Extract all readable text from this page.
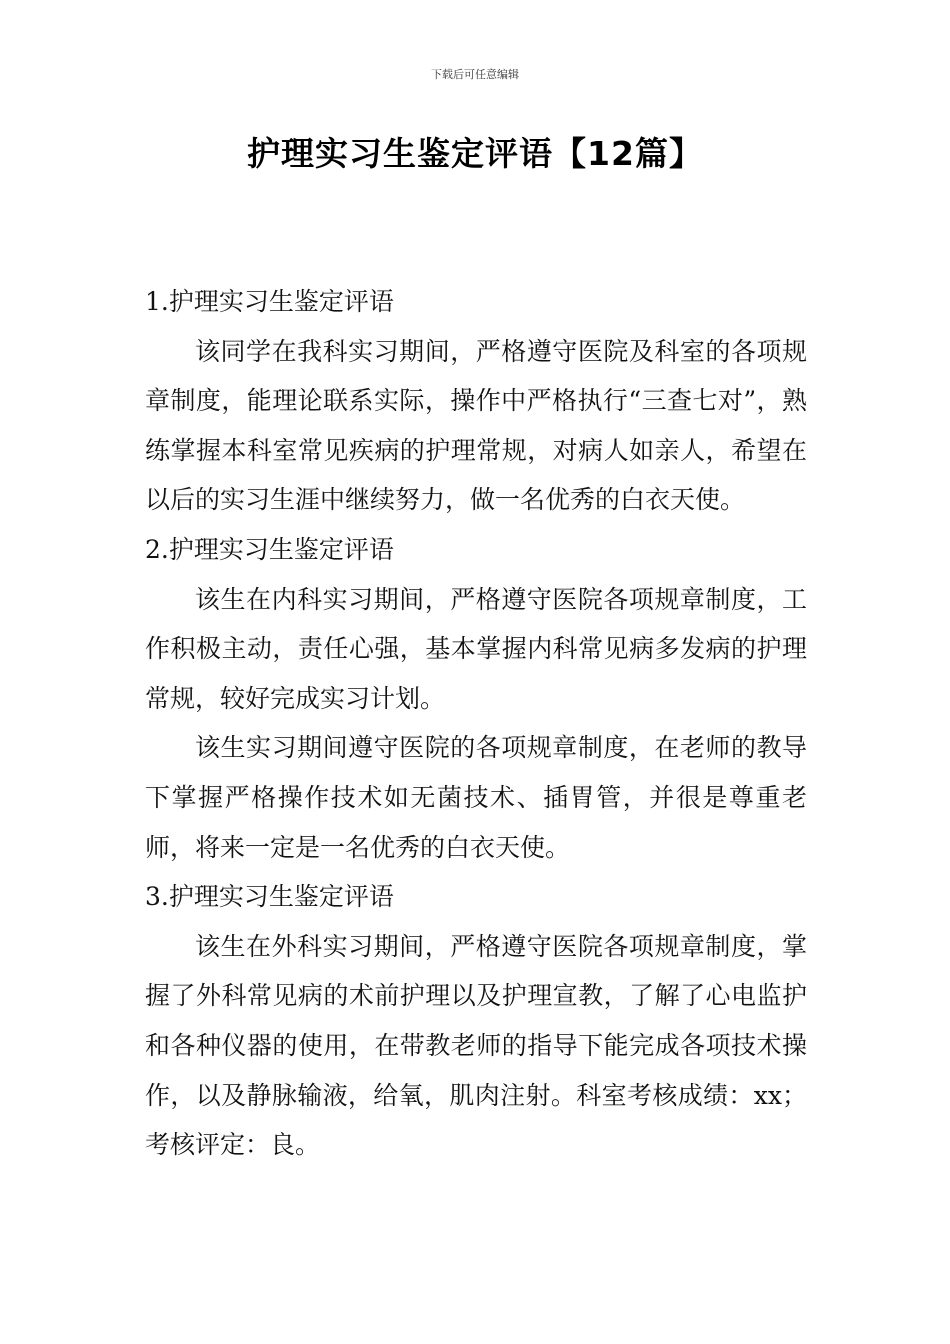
下载后可任意编辑
护理实习生鉴定评语【12篇】

1.护理实习生鉴定评语

该同学在我科实习期间，严格遵守医院及科室的各项规章制度，能理论联系实际，操作中严格执行“三查七对”，熟练掌握本科室常见疾病的护理常规，对病人如亲人，希望在以后的实习生涯中继续努力，做一名优秀的白衣天使。

2.护理实习生鉴定评语

该生在内科实习期间，严格遵守医院各项规章制度，工作积极主动，责任心强，基本掌握内科常见病多发病的护理常规，较好完成实习计划。

该生实习期间遵守医院的各项规章制度，在老师的教导下掌握严格操作技术如无菌技术、插胃管，并很是尊重老师，将来一定是一名优秀的白衣天使。

3.护理实习生鉴定评语

该生在外科实习期间，严格遵守医院各项规章制度，掌握了外科常见病的术前护理以及护理宣教，了解了心电监护和各种仪器的使用，在带教老师的指导下能完成各项技术操作，以及静脉输液，给氧，肌肉注射。科室考核成绩：xx；考核评定：良。
